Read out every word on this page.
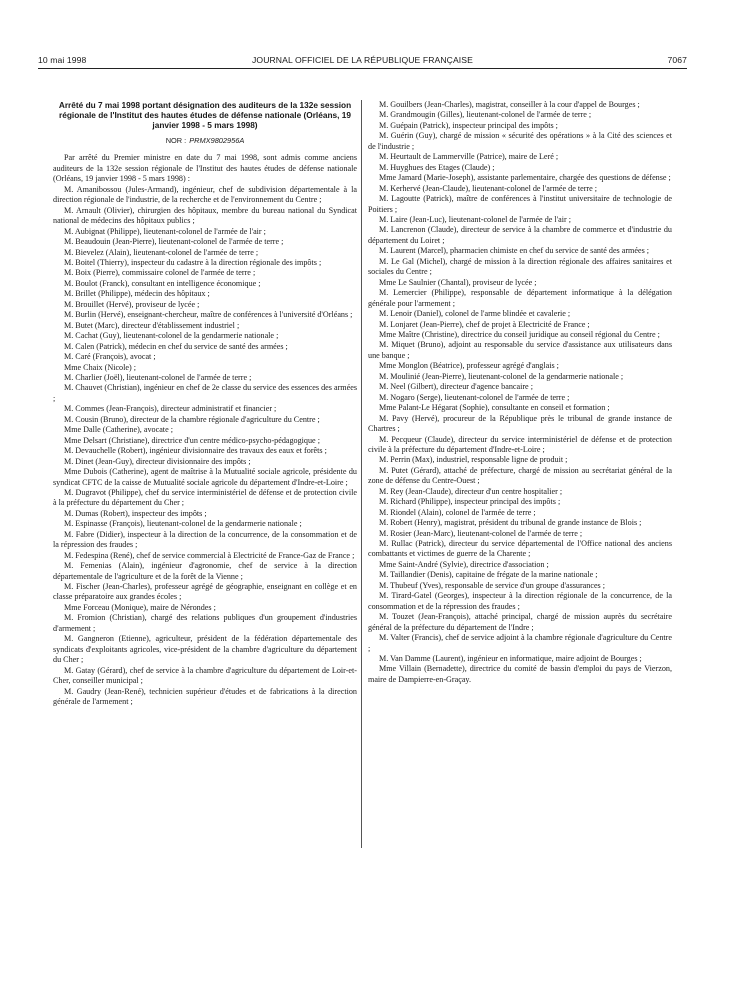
10 mai 1998	JOURNAL OFFICIEL DE LA RÉPUBLIQUE FRANÇAISE	7067
Arrêté du 7 mai 1998 portant désignation des auditeurs de la 132e session régionale de l'Institut des hautes études de défense nationale (Orléans, 19 janvier 1998 - 5 mars 1998)
NOR : PRMX9802956A

Par arrêté du Premier ministre en date du 7 mai 1998, sont admis comme anciens auditeurs de la 132e session régionale de l'Institut des hautes études de défense nationale (Orléans, 19 janvier 1998 - 5 mars 1998) :

M. Amanibossou (Jules-Armand), ingénieur, chef de subdivision départementale à la direction régionale de l'industrie, de la recherche et de l'environnement du Centre ;

M. Arnault (Olivier), chirurgien des hôpitaux, membre du bureau national du Syndicat national de médecins des hôpitaux publics ;

M. Aubignat (Philippe), lieutenant-colonel de l'armée de l'air ;

M. Beaudouin (Jean-Pierre), lieutenant-colonel de l'armée de terre ;

M. Bievelez (Alain), lieutenant-colonel de l'armée de terre ;

M. Boitel (Thierry), inspecteur du cadastre à la direction régionale des impôts ;

M. Boix (Pierre), commissaire colonel de l'armée de terre ;

M. Boulot (Franck), consultant en intelligence économique ;

M. Brillet (Philippe), médecin des hôpitaux ;

M. Brouillet (Hervé), proviseur de lycée ;

M. Burlin (Hervé), enseignant-chercheur, maître de conférences à l'université d'Orléans ;

M. Butet (Marc), directeur d'établissement industriel ;

M. Cachat (Guy), lieutenant-colonel de la gendarmerie nationale ;

M. Calen (Patrick), médecin en chef du service de santé des armées ;

M. Caré (François), avocat ;

Mme Chaix (Nicole) ;

M. Charlier (Joël), lieutenant-colonel de l'armée de terre ;

M. Chauvet (Christian), ingénieur en chef de 2e classe du service des essences des armées ;

M. Commes (Jean-François), directeur administratif et financier ;

M. Cousin (Bruno), directeur de la chambre régionale d'agriculture du Centre ;

Mme Dalle (Catherine), avocate ;

Mme Delsart (Christiane), directrice d'un centre médico-psycho-pédagogique ;

M. Devauchelle (Robert), ingénieur divisionnaire des travaux des eaux et forêts ;

M. Dinet (Jean-Guy), directeur divisionnaire des impôts ;

Mme Dubois (Catherine), agent de maîtrise à la Mutualité sociale agricole, présidente du syndicat CFTC de la caisse de Mutualité sociale agricole du département d'Indre-et-Loire ;

M. Dugravot (Philippe), chef du service interministériel de défense et de protection civile à la préfecture du département du Cher ;

M. Dumas (Robert), inspecteur des impôts ;

M. Espinasse (François), lieutenant-colonel de la gendarmerie nationale ;

M. Fabre (Didier), inspecteur à la direction de la concurrence, de la consommation et de la répression des fraudes ;

M. Fedespina (René), chef de service commercial à Electricité de France-Gaz de France ;

M. Femenias (Alain), ingénieur d'agronomie, chef de service à la direction départementale de l'agriculture et de la forêt de la Vienne ;

M. Fischer (Jean-Charles), professeur agrégé de géographie, enseignant en collège et en classe préparatoire aux grandes écoles ;

Mme Forceau (Monique), maire de Nérondes ;

M. Fromion (Christian), chargé des relations publiques d'un groupement d'industries d'armement ;

M. Gangneron (Etienne), agriculteur, président de la fédération départementale des syndicats d'exploitants agricoles, vice-président de la chambre d'agriculture du département du Cher ;

M. Gatay (Gérard), chef de service à la chambre d'agriculture du département de Loir-et-Cher, conseiller municipal ;

M. Gaudry (Jean-René), technicien supérieur d'études et de fabrications à la direction générale de l'armement ;

M. Gouilbers (Jean-Charles), magistrat, conseiller à la cour d'appel de Bourges ;

M. Grandmougin (Gilles), lieutenant-colonel de l'armée de terre ;

M. Guépain (Patrick), inspecteur principal des impôts ;

M. Guérin (Guy), chargé de mission « sécurité des opérations » à la Cité des sciences et de l'industrie ;

M. Heurtault de Lammerville (Patrice), maire de Leré ;

M. Huyghues des Etages (Claude) ;

Mme Jamard (Marie-Joseph), assistante parlementaire, chargée des questions de défense ;

M. Kerhervé (Jean-Claude), lieutenant-colonel de l'armée de terre ;

M. Lagoutte (Patrick), maître de conférences à l'institut universitaire de technologie de Poitiers ;

M. Laire (Jean-Luc), lieutenant-colonel de l'armée de l'air ;

M. Lancrenon (Claude), directeur de service à la chambre de commerce et d'industrie du département du Loiret ;

M. Laurent (Marcel), pharmacien chimiste en chef du service de santé des armées ;

M. Le Gal (Michel), chargé de mission à la direction régionale des affaires sanitaires et sociales du Centre ;

Mme Le Saulnier (Chantal), proviseur de lycée ;

M. Lemercier (Philippe), responsable de département informatique à la délégation générale pour l'armement ;

M. Lenoir (Daniel), colonel de l'arme blindée et cavalerie ;

M. Lonjaret (Jean-Pierre), chef de projet à Electricité de France ;

Mme Maître (Christine), directrice du conseil juridique au conseil régional du Centre ;

M. Miquet (Bruno), adjoint au responsable du service d'assistance aux utilisateurs dans une banque ;

Mme Monglon (Béatrice), professeur agrégé d'anglais ;

M. Moulinié (Jean-Pierre), lieutenant-colonel de la gendarmerie nationale ;

M. Neel (Gilbert), directeur d'agence bancaire ;

M. Nogaro (Serge), lieutenant-colonel de l'armée de terre ;

Mme Palant-Le Hégarat (Sophie), consultante en conseil et formation ;

M. Pavy (Hervé), procureur de la République près le tribunal de grande instance de Chartres ;

M. Pecqueur (Claude), directeur du service interministériel de défense et de protection civile à la préfecture du département d'Indre-et-Loire ;

M. Perrin (Max), industriel, responsable ligne de produit ;

M. Putet (Gérard), attaché de préfecture, chargé de mission au secrétariat général de la zone de défense du Centre-Ouest ;

M. Rey (Jean-Claude), directeur d'un centre hospitalier ;

M. Richard (Philippe), inspecteur principal des impôts ;

M. Riondel (Alain), colonel de l'armée de terre ;

M. Robert (Henry), magistrat, président du tribunal de grande instance de Blois ;

M. Rosier (Jean-Marc), lieutenant-colonel de l'armée de terre ;

M. Rullac (Patrick), directeur du service départemental de l'Office national des anciens combattants et victimes de guerre de la Charente ;

Mme Saint-André (Sylvie), directrice d'association ;

M. Taillandier (Denis), capitaine de frégate de la marine nationale ;

M. Thubeuf (Yves), responsable de service d'un groupe d'assurances ;

M. Tirard-Gatel (Georges), inspecteur à la direction régionale de la concurrence, de la consommation et de la répression des fraudes ;

M. Touzet (Jean-François), attaché principal, chargé de mission auprès du secrétaire général de la préfecture du département de l'Indre ;

M. Valter (Francis), chef de service adjoint à la chambre régionale d'agriculture du Centre ;

M. Van Damme (Laurent), ingénieur en informatique, maire adjoint de Bourges ;

Mme Villain (Bernadette), directrice du comité de bassin d'emploi du pays de Vierzon, maire de Dampierre-en-Graçay.
